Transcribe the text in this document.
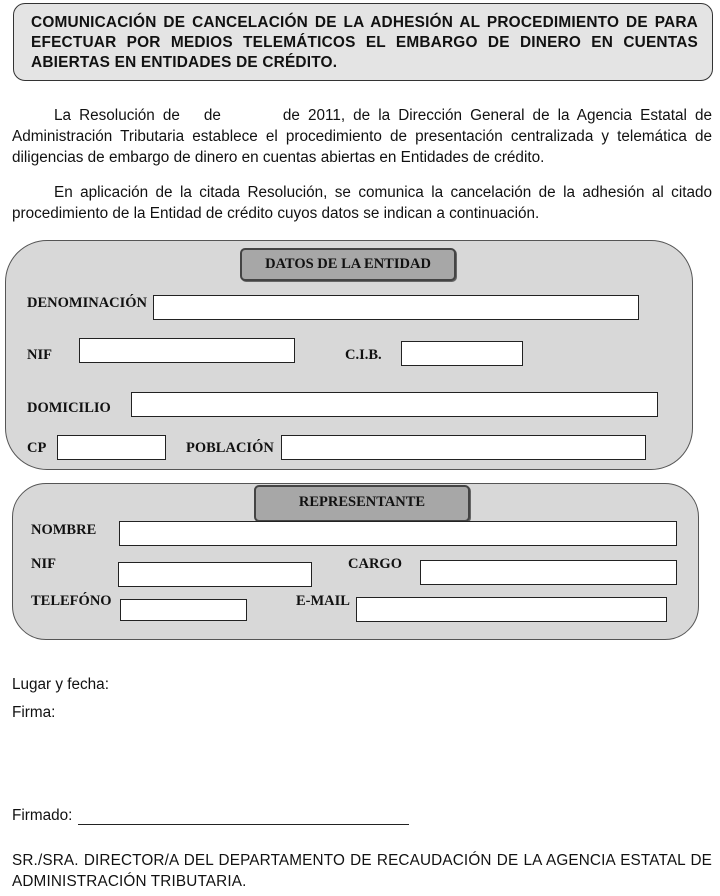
COMUNICACIÓN DE CANCELACIÓN DE LA ADHESIÓN AL PROCEDIMIENTO DE PARA EFECTUAR POR MEDIOS TELEMÁTICOS EL EMBARGO DE DINERO EN CUENTAS ABIERTAS EN ENTIDADES DE CRÉDITO.
La Resolución de de	de 2011, de la Dirección General de la Agencia Estatal de Administración Tributaria establece el procedimiento de presentación centralizada y telemática de diligencias de embargo de dinero en cuentas abiertas en Entidades de crédito.
En aplicación de la citada Resolución, se comunica la cancelación de la adhesión al citado procedimiento de la Entidad de crédito cuyos datos se indican a continuación.
DATOS DE LA ENTIDAD
DENOMINACIÓN
NIF	C.I.B.
DOMICILIO
CP	POBLACIÓN
REPRESENTANTE
NOMBRE
NIF	CARGO
TELEFÓNO	E-MAIL
Lugar y fecha:
Firma:
Firmado:
SR./SRA. DIRECTOR/A DEL DEPARTAMENTO DE RECAUDACIÓN DE LA AGENCIA ESTATAL DE ADMINISTRACIÓN TRIBUTARIA.
